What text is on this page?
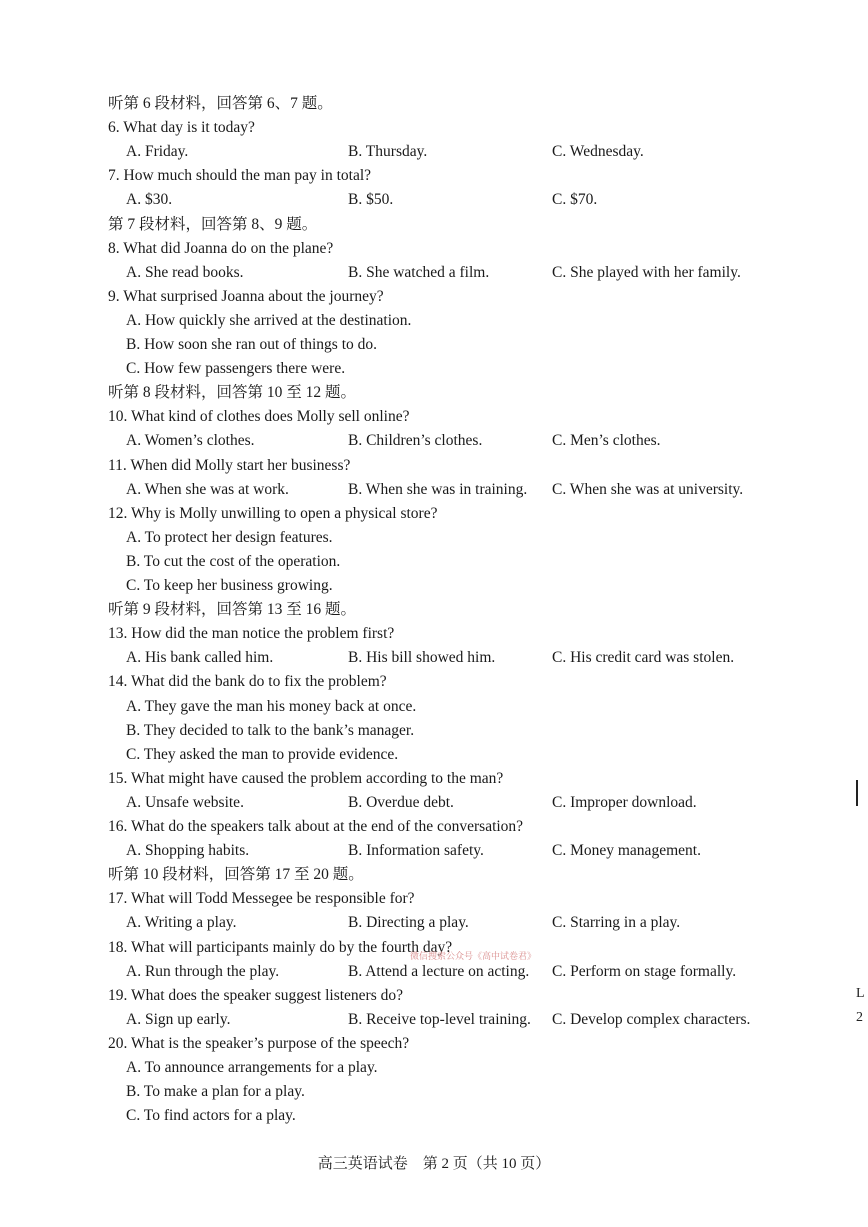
听第 6 段材料，回答第 6、7 题。
6. What day is it today?
A. Friday.	B. Thursday.	C. Wednesday.
7. How much should the man pay in total?
A. $30.	B. $50.	C. $70.
第 7 段材料，回答第 8、9 题。
8. What did Joanna do on the plane?
A. She read books.	B. She watched a film.	C. She played with her family.
9. What surprised Joanna about the journey?
A. How quickly she arrived at the destination.
B. How soon she ran out of things to do.
C. How few passengers there were.
听第 8 段材料，回答第 10 至 12 题。
10. What kind of clothes does Molly sell online?
A. Women’s clothes.	B. Children’s clothes.	C. Men’s clothes.
11. When did Molly start her business?
A. When she was at work.	B. When she was in training. C. When she was at university.
12. Why is Molly unwilling to open a physical store?
A. To protect her design features.
B. To cut the cost of the operation.
C. To keep her business growing.
听第 9 段材料，回答第 13 至 16 题。
13. How did the man notice the problem first?
A. His bank called him.	B. His bill showed him.	C. His credit card was stolen.
14. What did the bank do to fix the problem?
A. They gave the man his money back at once.
B. They decided to talk to the bank’s manager.
C. They asked the man to provide evidence.
15. What might have caused the problem according to the man?
A. Unsafe website.	B. Overdue debt.	C. Improper download.
16. What do the speakers talk about at the end of the conversation?
A. Shopping habits.	B. Information safety.	C. Money management.
听第 10 段材料，回答第 17 至 20 题。
17. What will Todd Messegee be responsible for?
A. Writing a play.	B. Directing a play.	C. Starring in a play.
18. What will participants mainly do by the fourth day?
A. Run through the play.	B. Attend a lecture on acting. C. Perform on stage formally.
19. What does the speaker suggest listeners do?
A. Sign up early.	B. Receive top-level training. C. Develop complex characters.
20. What is the speaker’s purpose of the speech?
A. To announce arrangements for a play.
B. To make a plan for a play.
C. To find actors for a play.
微信搜索公众号《高中试卷君》
高三英语试卷　第 2 页（共 10 页）
L
2
